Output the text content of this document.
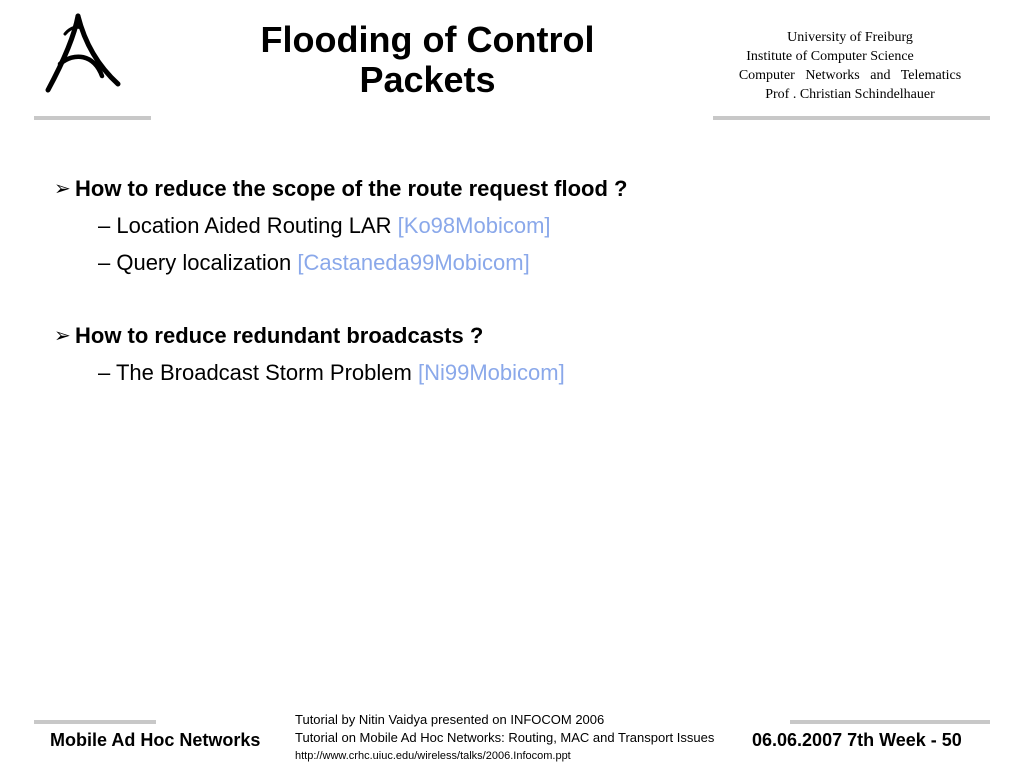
Flooding of Control
Packets
University of Freiburg
Institute of Computer Science
Computer   Networks   and   Telematics
Prof . Christian Schindelhauer
➢ How to reduce the scope of the route request flood ?
– Location Aided Routing LAR [Ko98Mobicom]
– Query localization [Castaneda99Mobicom]
➢ How to reduce redundant broadcasts ?
– The Broadcast Storm Problem [Ni99Mobicom]
Mobile Ad Hoc Networks
Tutorial by Nitin Vaidya presented on INFOCOM 2006
Tutorial on Mobile Ad Hoc Networks: Routing, MAC and Transport Issues
http://www.crhc.uiuc.edu/wireless/talks/2006.Infocom.ppt
06.06.2007 7th Week - 50
